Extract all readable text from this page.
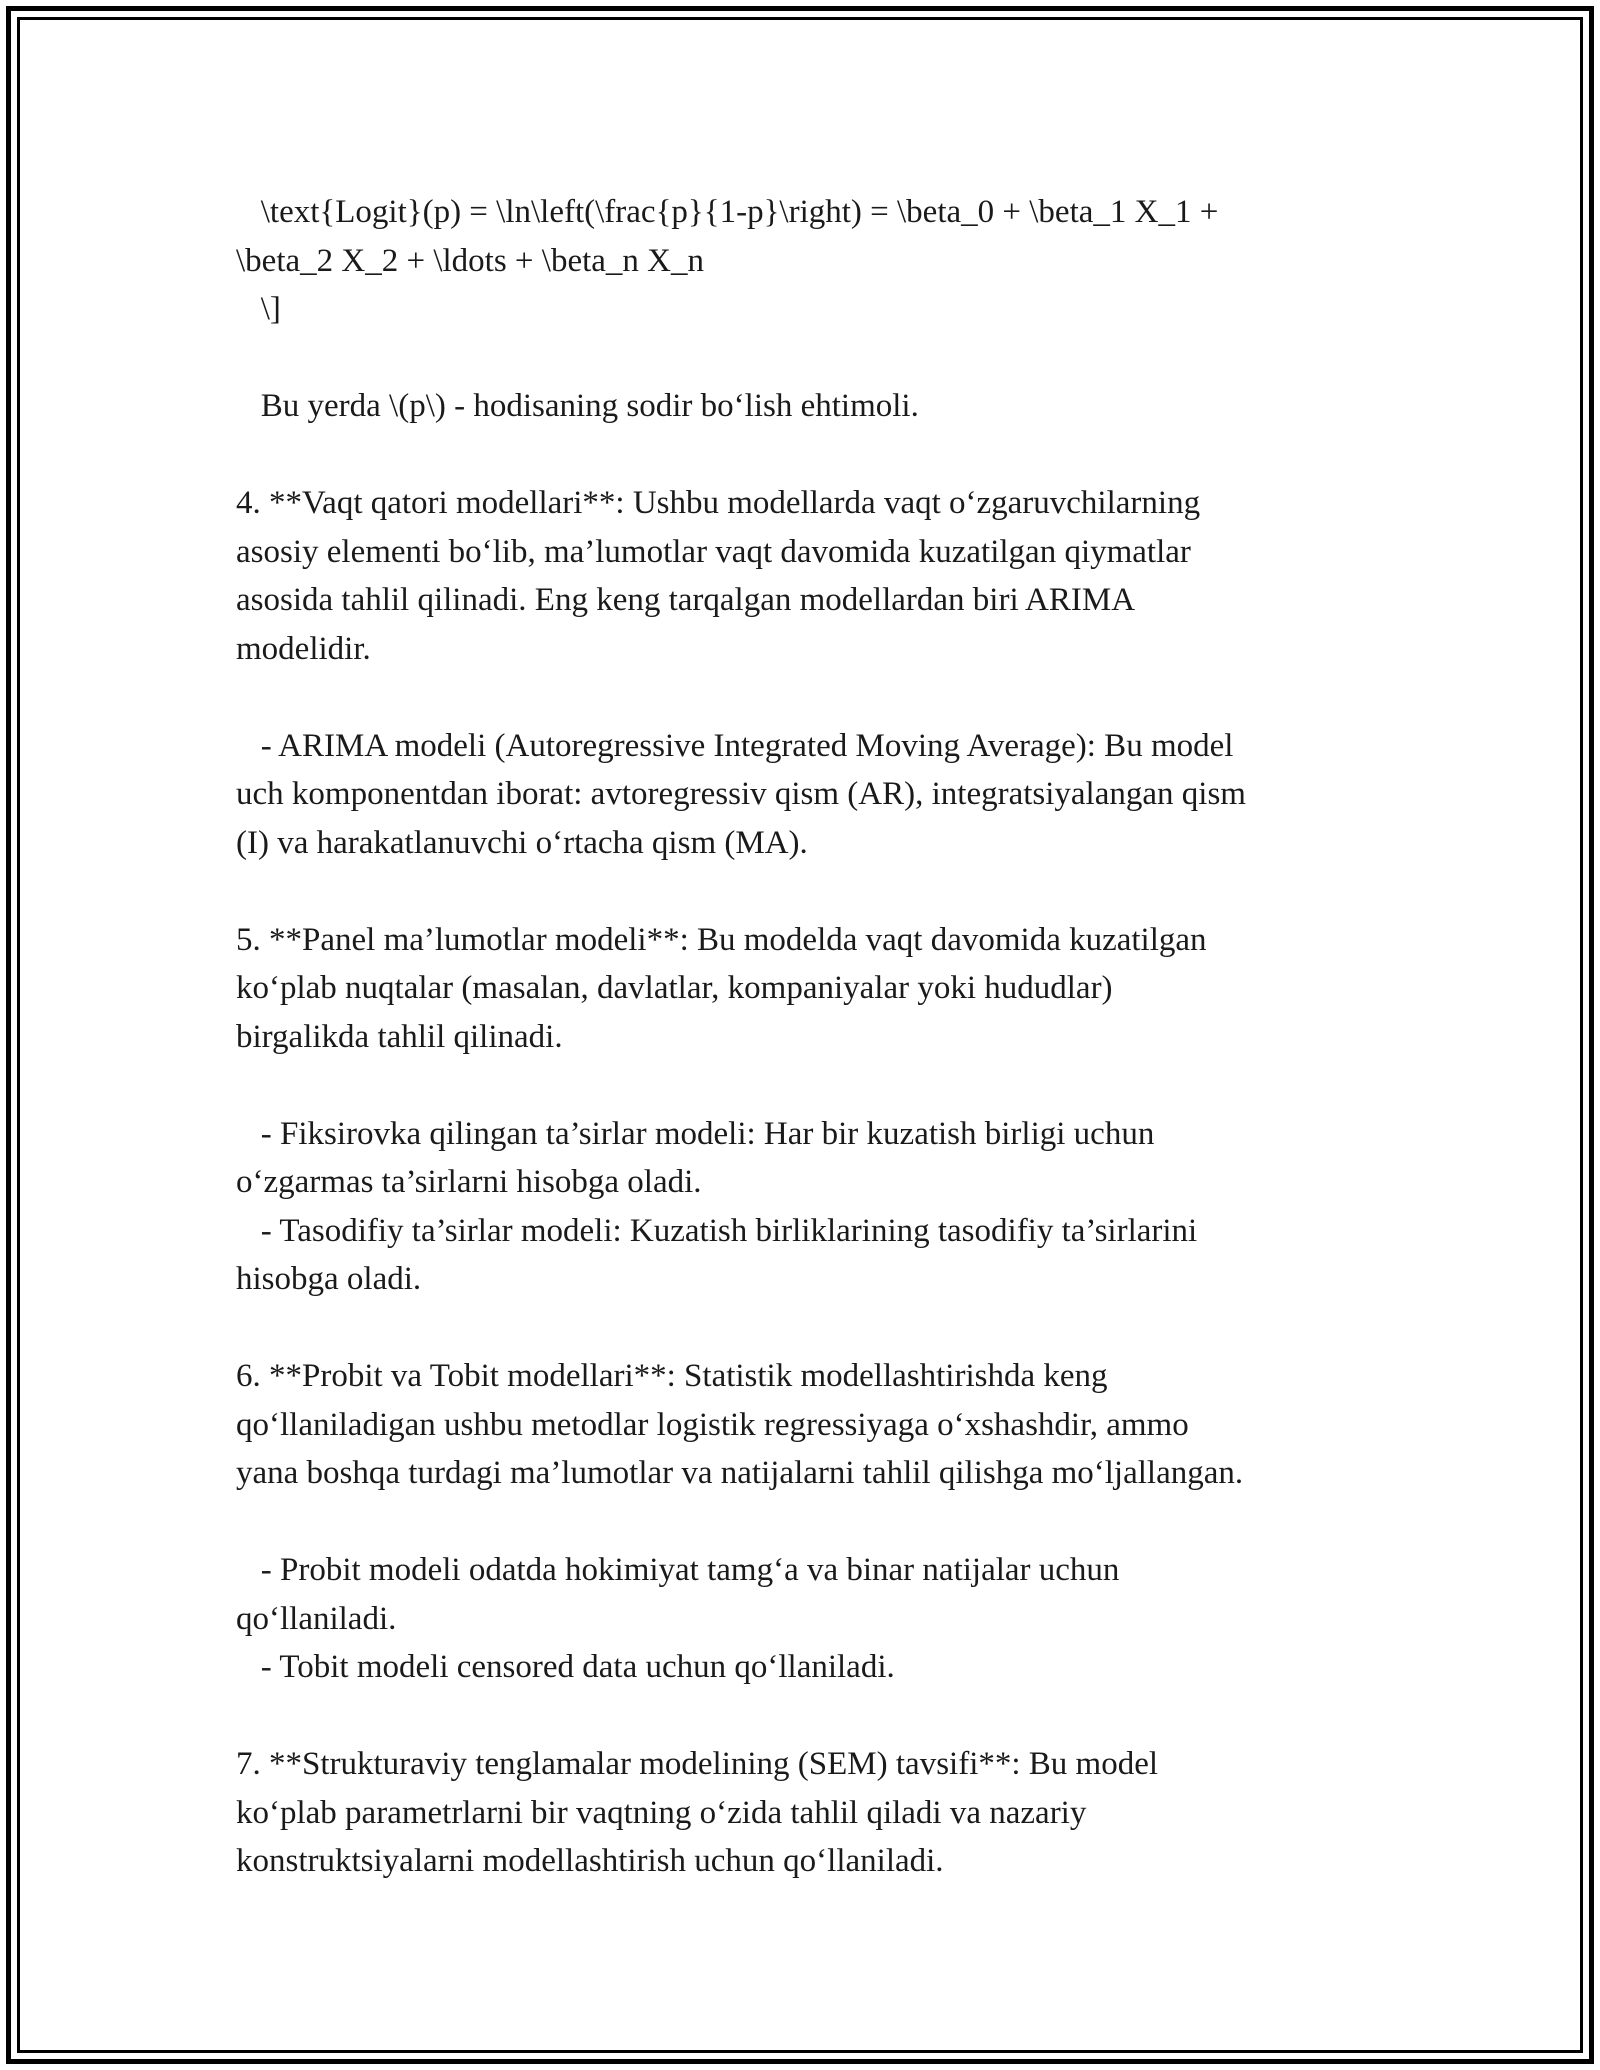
\text{Logit}(p) = \ln\left(\frac{p}{1-p}\right) = \beta_0 + \beta_1 X_1 +
\beta_2 X_2 + \ldots + \beta_n X_n
\]
Bu yerda \(p\) - hodisaning sodir bo‘lish ehtimoli.
4. **Vaqt qatori modellari**: Ushbu modellarda vaqt o‘zgaruvchilarning
asosiy elementi bo‘lib, ma’lumotlar vaqt davomida kuzatilgan qiymatlar
asosida tahlil qilinadi. Eng keng tarqalgan modellardan biri ARIMA
modelidir.
- ARIMA modeli (Autoregressive Integrated Moving Average): Bu model
uch komponentdan iborat: avtoregressiv qism (AR), integratsiyalangan qism
(I) va harakatlanuvchi o‘rtacha qism (MA).
5. **Panel ma’lumotlar modeli**: Bu modelda vaqt davomida kuzatilgan
ko‘plab nuqtalar (masalan, davlatlar, kompaniyalar yoki hududlar)
birgalikda tahlil qilinadi.
- Fiksirovka qilingan ta’sirlar modeli: Har bir kuzatish birligi uchun
o‘zgarmas ta’sirlarni hisobga oladi.
- Tasodifiy ta’sirlar modeli: Kuzatish birliklarining tasodifiy ta’sirlarini
hisobga oladi.
6. **Probit va Tobit modellari**: Statistik modellashtirishda keng
qo‘llaniladigan ushbu metodlar logistik regressiyaga o‘xshashdir, ammo
yana boshqa turdagi ma’lumotlar va natijalarni tahlil qilishga mo‘ljallangan.
- Probit modeli odatda hokimiyat tamg‘a va binar natijalar uchun
qo‘llaniladi.
- Tobit modeli censored data uchun qo‘llaniladi.
7. **Strukturaviy tenglamalar modelining (SEM) tavsifi**: Bu model
ko‘plab parametrlarni bir vaqtning o‘zida tahlil qiladi va nazariy
konstruktsiyalarni modellashtirish uchun qo‘llaniladi.
